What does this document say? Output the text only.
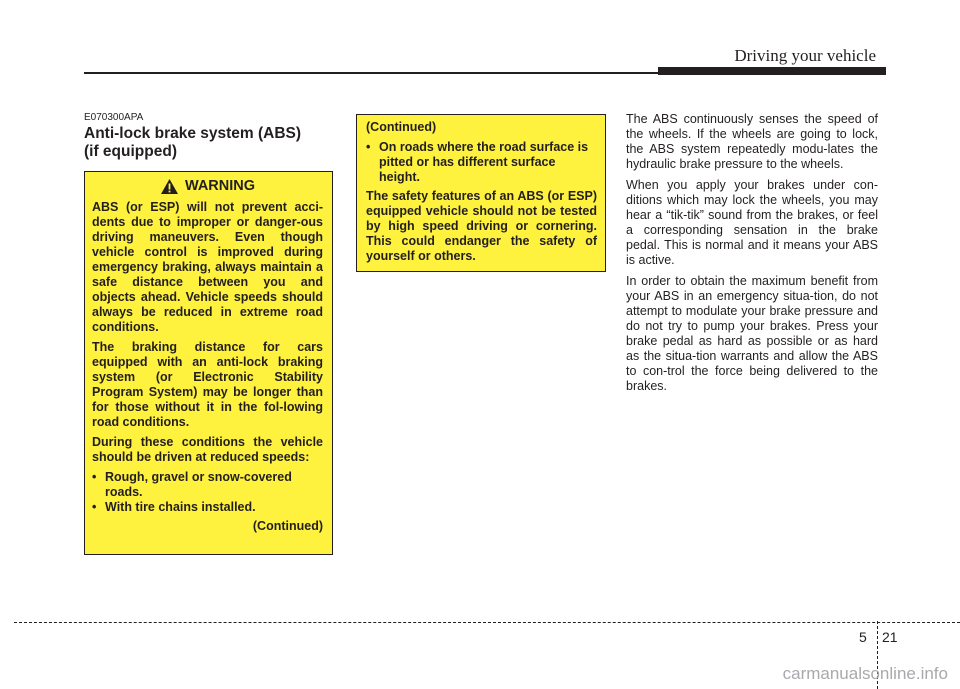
Driving your vehicle
E070300APA
Anti-lock brake system (ABS)
(if equipped)
WARNING

ABS (or ESP) will not prevent acci-dents due to improper or danger-ous driving maneuvers. Even though vehicle control is improved during emergency braking, always maintain a safe distance between you and objects ahead. Vehicle speeds should always be reduced in extreme road conditions.

The braking distance for cars equipped with an anti-lock braking system (or Electronic Stability Program System) may be longer than for those without it in the fol-lowing road conditions.

During these conditions the vehicle should be driven at reduced speeds:

• Rough, gravel or snow-covered roads.
• With tire chains installed.

(Continued)

(Continued)

• On roads where the road surface is pitted or has different surface height.

The safety features of an ABS (or ESP) equipped vehicle should not be tested by high speed driving or cornering. This could endanger the safety of yourself or others.

The ABS continuously senses the speed of the wheels. If the wheels are going to lock, the ABS system repeatedly modu-lates the hydraulic brake pressure to the wheels.

When you apply your brakes under con-ditions which may lock the wheels, you may hear a “tik-tik” sound from the brakes, or feel a corresponding sensation in the brake pedal. This is normal and it means your ABS is active.

In order to obtain the maximum benefit from your ABS in an emergency situa-tion, do not attempt to modulate your brake pressure and do not try to pump your brakes. Press your brake pedal as hard as possible or as hard as the situa-tion warrants and allow the ABS to con-trol the force being delivered to the brakes.

5 21
carmanualsonline.info
